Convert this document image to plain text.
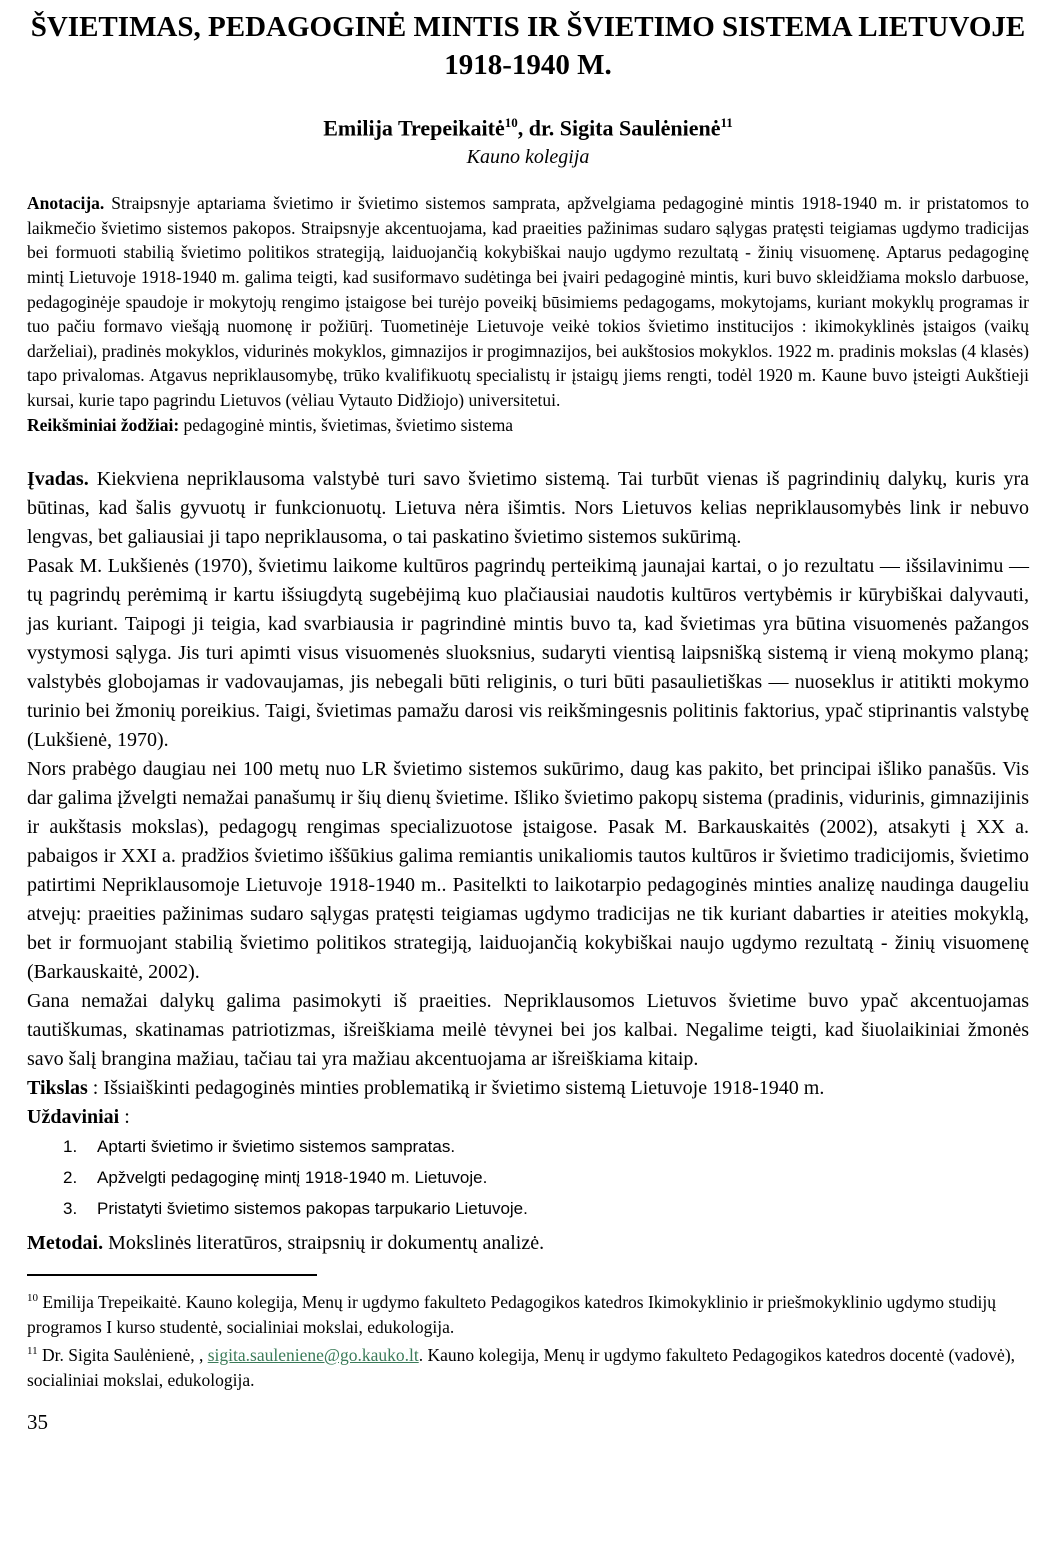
ŠVIETIMAS, PEDAGOGINĖ MINTIS IR ŠVIETIMO SISTEMA LIETUVOJE 1918-1940 M.
Emilija Trepeikaitė$^{10}$, dr. Sigita Saulėnienė$^{11}$
Kauno kolegija

Anotacija. Straipsnyje aptariama švietimo ir švietimo sistemos samprata, apžvelgiama pedagoginė mintis 1918-1940 m. ir pristatomos to laikmečio švietimo sistemos pakopos. Straipsnyje akcentuojama, kad praeities pažinimas sudaro sąlygas pratęsti teigiamas ugdymo tradicijas bei formuoti stabilią švietimo politikos strategiją, laiduojančią kokybiškai naujo ugdymo rezultatą - žinių visuomenę. Aptarus pedagoginę mintį Lietuvoje 1918-1940 m. galima teigti, kad susiformavo sudėtinga bei įvairi pedagoginė mintis, kuri buvo skleidžiama mokslo darbuose, pedagoginėje spaudoje ir mokytojų rengimo įstaigose bei turėjo poveikį būsimiems pedagogams, mokytojams, kuriant mokyklų programas ir tuo pačiu formavo viešąją nuomonę ir požiūrį. Tuometinėje Lietuvoje veikė tokios švietimo institucijos : ikimokyklinės įstaigos (vaikų darželiai), pradinės mokyklos, vidurinės mokyklos, gimnazijos ir progimnazijos, bei aukštosios mokyklos. 1922 m. pradinis mokslas (4 klasės) tapo privalomas. Atgavus nepriklausomybę, trūko kvalifikuotų specialistų ir įstaigų jiems rengti, todėl 1920 m. Kaune buvo įsteigti Aukštieji kursai, kurie tapo pagrindu Lietuvos (vėliau Vytauto Didžiojo) universitetui.

Reikšminiai žodžiai: pedagoginė mintis, švietimas, švietimo sistema

Įvadas. Kiekviena nepriklausoma valstybė turi savo švietimo sistemą. Tai turbūt vienas iš pagrindinių dalykų, kuris yra būtinas, kad šalis gyvuotų ir funkcionuotų. Lietuva nėra išimtis. Nors Lietuvos kelias nepriklausomybės link ir nebuvo lengvas, bet galiausiai ji tapo nepriklausoma, o tai paskatino švietimo sistemos sukūrimą.

Pasak M. Lukšienės (1970), švietimu laikome kultūros pagrindų perteikimą jaunajai kartai, o jo rezultatu — išsilavinimu — tų pagrindų perėmimą ir kartu išsiugdytą sugebėjimą kuo plačiausiai naudotis kultūros vertybėmis ir kūrybiškai dalyvauti, jas kuriant. Taipogi ji teigia, kad svarbiausia ir pagrindinė mintis buvo ta, kad švietimas yra būtina visuomenės pažangos vystymosi sąlyga. Jis turi apimti visus visuomenės sluoksnius, sudaryti vientisą laipsnišką sistemą ir vieną mokymo planą; valstybės globojamas ir vadovaujamas, jis nebegali būti religinis, o turi būti pasaulietiškas — nuoseklus ir atitikti mokymo turinio bei žmonių poreikius. Taigi, švietimas pamažu darosi vis reikšmingesnis politinis faktorius, ypač stiprinantis valstybę (Lukšienė, 1970).

Nors prabėgo daugiau nei 100 metų nuo LR švietimo sistemos sukūrimo, daug kas pakito, bet principai išliko panašūs. Vis dar galima įžvelgti nemažai panašumų ir šių dienų švietime. Išliko švietimo pakopų sistema (pradinis, vidurinis, gimnazijinis ir aukštasis mokslas), pedagogų rengimas specializuotose įstaigose. Pasak M. Barkauskaitės (2002), atsakyti į XX a. pabaigos ir XXI a. pradžios švietimo iššūkius galima remiantis unikaliomis tautos kultūros ir švietimo tradicijomis, švietimo patirtimi Nepriklausomoje Lietuvoje 1918-1940 m.. Pasitelkti to laikotarpio pedagoginės minties analizę naudinga daugeliu atvejų: praeities pažinimas sudaro sąlygas pratęsti teigiamas ugdymo tradicijas ne tik kuriant dabarties ir ateities mokyklą, bet ir formuojant stabilią švietimo politikos strategiją, laiduojančią kokybiškai naujo ugdymo rezultatą - žinių visuomenę (Barkauskaitė, 2002).

Gana nemažai dalykų galima pasimokyti iš praeities. Nepriklausomos Lietuvos švietime buvo ypač akcentuojamas tautiškumas, skatinamas patriotizmas, išreiškiama meilė tėvynei bei jos kalbai. Negalime teigti, kad šiuolaikiniai žmonės savo šalį brangina mažiau, tačiau tai yra mažiau akcentuojama ar išreiškiama kitaip.

Tikslas : Išsiaiškinti pedagoginės minties problematiką ir švietimo sistemą Lietuvoje 1918-1940 m.

Uždaviniai :

1.	Aptarti švietimo ir švietimo sistemos sampratas.
2.	Apžvelgti pedagoginę mintį 1918-1940 m. Lietuvoje.
3.	Pristatyti švietimo sistemos pakopas tarpukario Lietuvoje.

Metodai. Mokslinės literatūros, straipsnių ir dokumentų analizė.

$^{10}$ Emilija Trepeikaitė. Kauno kolegija, Menų ir ugdymo fakulteto Pedagogikos katedros Ikimokyklinio ir priešmokyklinio ugdymo studijų programos I kurso studentė, socialiniai mokslai, edukologija.

$^{11}$ Dr. Sigita Saulėnienė, , sigita.sauleniene@go.kauko.lt. Kauno kolegija, Menų ir ugdymo fakulteto Pedagogikos katedros docentė (vadovė), socialiniai mokslai, edukologija.

35
